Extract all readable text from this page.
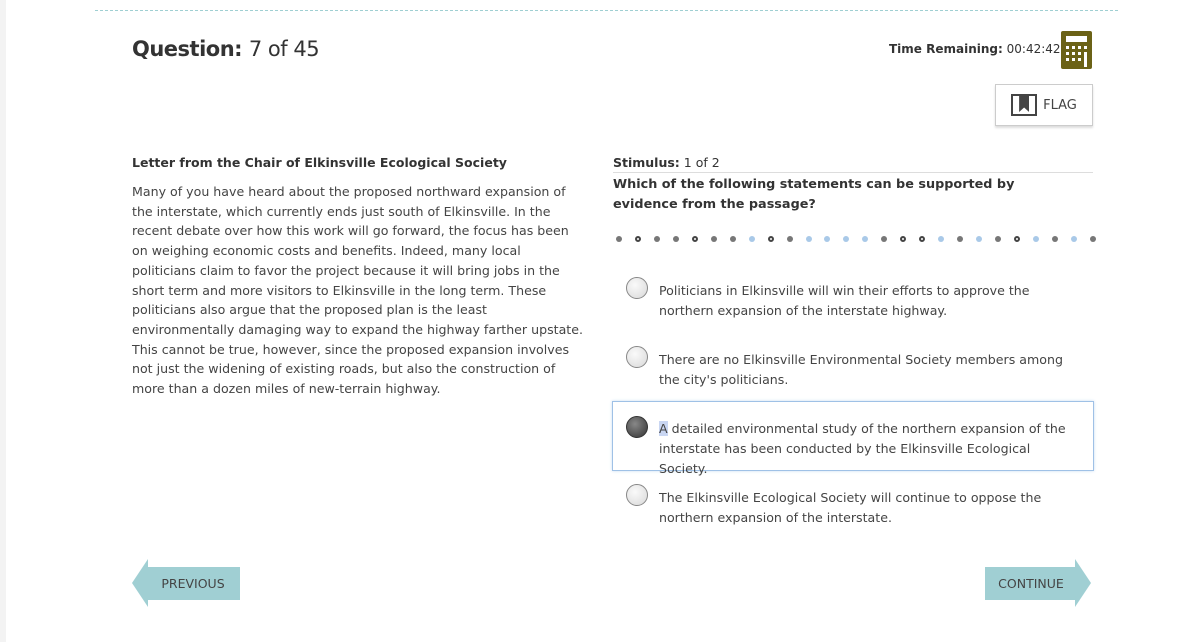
Question: 7 of 45	Time Remaining: 00:42:42
FLAG
Letter from the Chair of Elkinsville Ecological Society
Many of you have heard about the proposed northward expansion of the interstate, which currently ends just south of Elkinsville. In the recent debate over how this work will go forward, the focus has been on weighing economic costs and benefits. Indeed, many local politicians claim to favor the project because it will bring jobs in the short term and more visitors to Elkinsville in the long term. These politicians also argue that the proposed plan is the least environmentally damaging way to expand the highway farther upstate. This cannot be true, however, since the proposed expansion involves not just the widening of existing roads, but also the construction of more than a dozen miles of new-terrain highway.
Stimulus: 1 of 2
Which of the following statements can be supported by evidence from the passage?
Politicians in Elkinsville will win their efforts to approve the northern expansion of the interstate highway.
There are no Elkinsville Environmental Society members among the city's politicians.
A detailed environmental study of the northern expansion of the interstate has been conducted by the Elkinsville Ecological Society.
The Elkinsville Ecological Society will continue to oppose the northern expansion of the interstate.
PREVIOUS	CONTINUE
